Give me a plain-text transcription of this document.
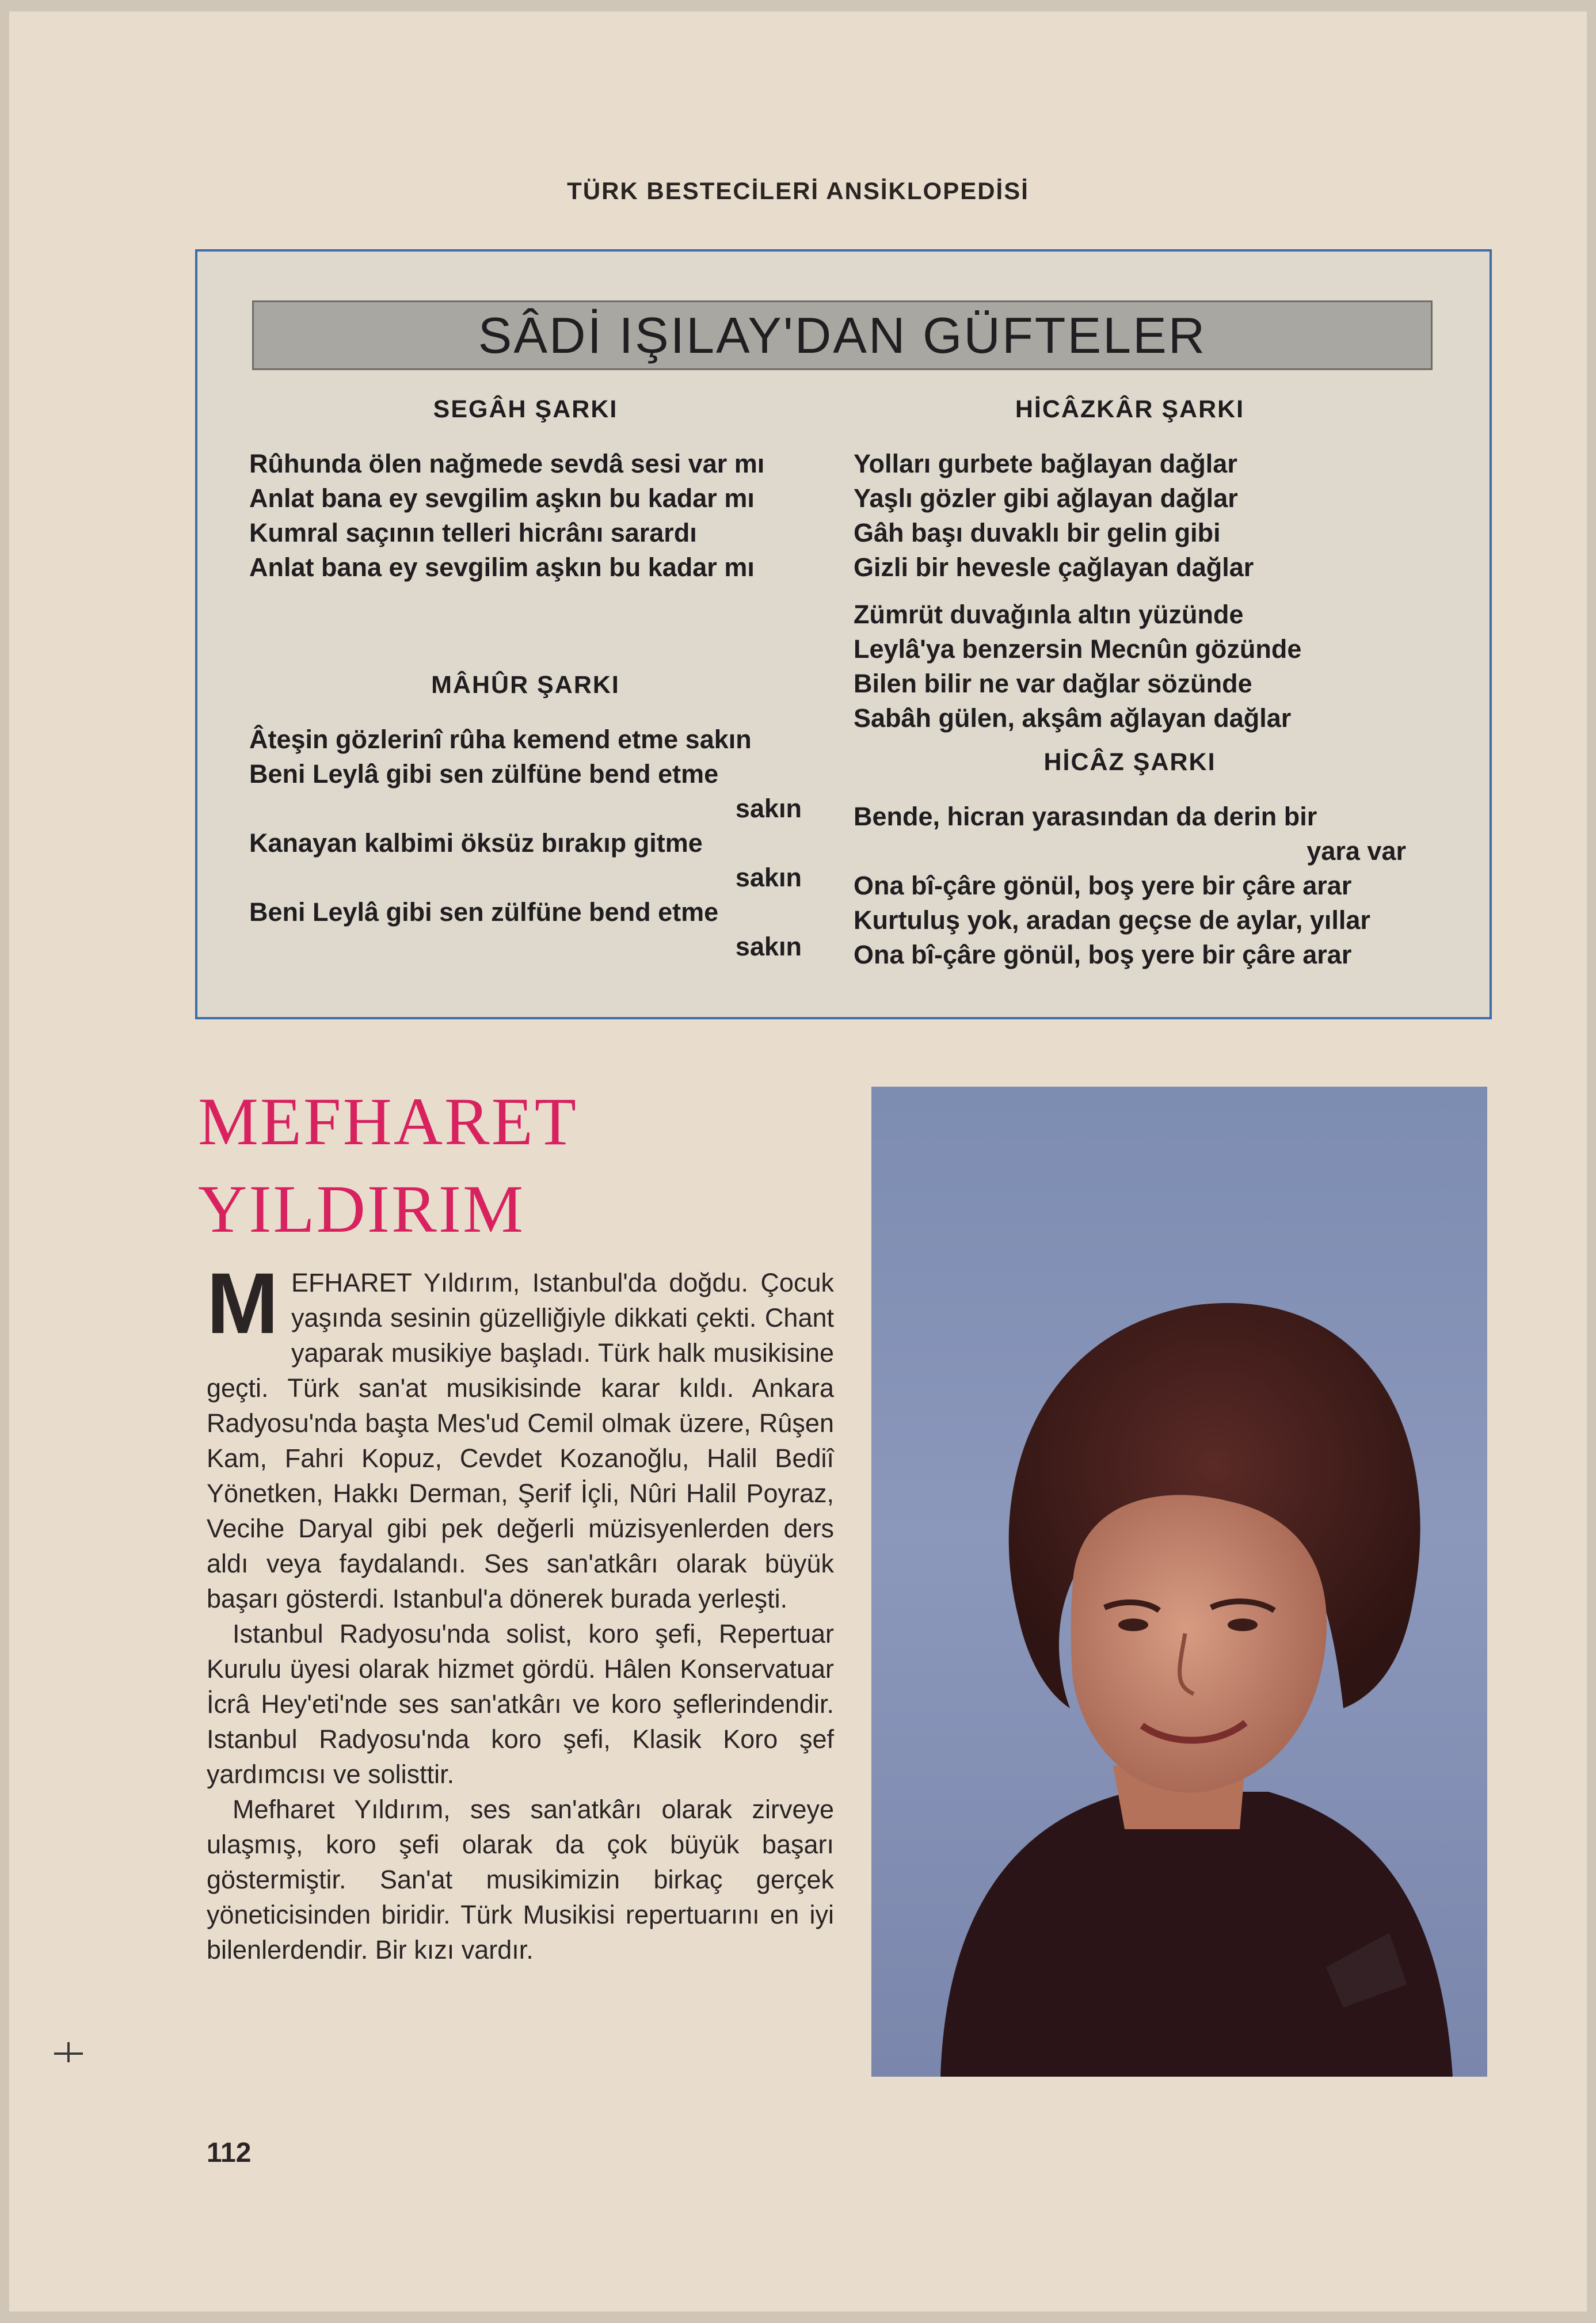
TÜRK BESTECİLERİ ANSİKLOPEDİSİ
SÂDİ IŞILAY'DAN GÜFTELER
SEGÂH ŞARKI
Rûhunda ölen nağmede sevdâ sesi var mı
Anlat bana ey sevgilim aşkın bu kadar mı
Kumral saçının telleri hicrânı sarardı
Anlat bana ey sevgilim aşkın bu kadar mı
MÂHÛR ŞARKI
Âteşin gözlerinî rûha kemend etme sakın
Beni Leylâ gibi sen zülfüne bend etme
sakın
Kanayan kalbimi öksüz bırakıp gitme
sakın
Beni Leylâ gibi sen zülfüne bend etme
sakın
HİCÂZKÂR ŞARKI
Yolları gurbete bağlayan dağlar
Yaşlı gözler gibi ağlayan dağlar
Gâh başı duvaklı bir gelin gibi
Gizli bir hevesle çağlayan dağlar
Zümrüt duvağınla altın yüzünde
Leylâ'ya benzersin Mecnûn gözünde
Bilen bilir ne var dağlar sözünde
Sabâh gülen, akşâm ağlayan dağlar
HİCÂZ ŞARKI
Bende, hicran yarasından da derin bir
yara var
Ona bî-çâre gönül, boş yere bir çâre arar
Kurtuluş yok, aradan geçse de aylar, yıllar
Ona bî-çâre gönül, boş yere bir çâre arar
MEFHARET
YILDIRIM

MEFHARET Yıldırım, Istanbul'da doğdu. Çocuk yaşında sesinin güzelliğiyle dikkati çekti. Chant yaparak musikiye başladı. Türk halk musikisine geçti. Türk san'at musikisinde karar kıldı. Ankara Radyosu'nda başta Mes'ud Cemil olmak üzere, Rûşen Kam, Fahri Kopuz, Cevdet Kozanoğlu, Halil Bediî Yönetken, Hakkı Derman, Şerif İçli, Nûri Halil Poyraz, Vecihe Daryal gibi pek değerli müzisyenlerden ders aldı veya faydalandı. Ses san'atkârı olarak büyük başarı gösterdi. Istanbul'a dönerek burada yerleşti.

Istanbul Radyosu'nda solist, koro şefi, Repertuar Kurulu üyesi olarak hizmet gördü. Hâlen Konservatuar İcrâ Hey'eti'nde ses san'atkârı ve koro şeflerindendir. Istanbul Radyosu'nda koro şefi, Klasik Koro şef yardımcısı ve solisttir.

Mefharet Yıldırım, ses san'atkârı olarak zirveye ulaşmış, koro şefi olarak da çok büyük başarı göstermiştir. San'at musikimizin birkaç gerçek yöneticisinden biridir. Türk Musikisi repertuarını en iyi bilenlerdendir. Bir kızı vardır.

112
